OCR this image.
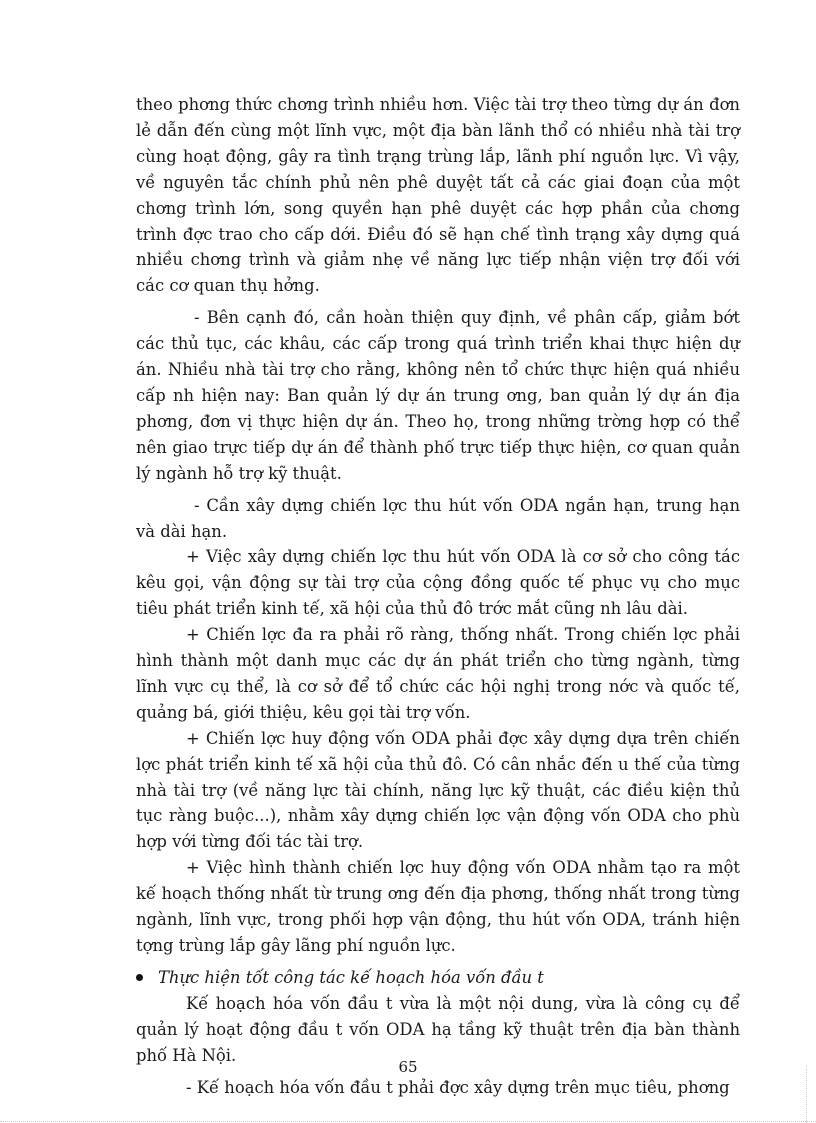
theo phơng thức chơng trình nhiều hơn. Việc tài trợ theo từng dự án đơn lẻ dẫn đến cùng một lĩnh vực, một địa bàn lãnh thổ có nhiều nhà tài trợ cùng hoạt động, gây ra tình trạng trùng lắp, lãnh phí nguồn lực. Vì vậy, về nguyên tắc chính phủ nên phê duyệt tất cả các giai đoạn của một chơng trình lớn, song quyền hạn phê duyệt các hợp phần của chơng trình đợc trao cho cấp dới. Điều đó sẽ hạn chế tình trạng xây dựng quá nhiều chơng trình và giảm nhẹ về năng lực tiếp nhận viện trợ đối với các cơ quan thụ hởng.

- Bên cạnh đó, cần hoàn thiện quy định, về phân cấp, giảm bớt các thủ tục, các khâu, các cấp trong quá trình triển khai thực hiện dự án. Nhiều nhà tài trợ cho rằng, không nên tổ chức thực hiện quá nhiều cấp nh hiện nay: Ban quản lý dự án trung ơng, ban quản lý dự án địa phơng, đơn vị thực hiện dự án. Theo họ, trong những trờng hợp có thể nên giao trực tiếp dự án để thành phố trực tiếp thực hiện, cơ quan quản lý ngành hỗ trợ kỹ thuật.

- Cần xây dựng chiến lợc thu hút vốn ODA ngắn hạn, trung hạn và dài hạn.

+ Việc xây dựng chiến lợc thu hút vốn ODA là cơ sở cho công tác kêu gọi, vận động sự tài trợ của cộng đồng quốc tế phục vụ cho mục tiêu phát triển kinh tế, xã hội của thủ đô trớc mắt cũng nh lâu dài.

+ Chiến lợc đa ra phải rõ ràng, thống nhất. Trong chiến lợc phải hình thành một danh mục các dự án phát triển cho từng ngành, từng lĩnh vực cụ thể, là cơ sở để tổ chức các hội nghị trong nớc và quốc tế, quảng bá, giới thiệu, kêu gọi tài trợ vốn.

+ Chiến lợc huy động vốn ODA phải đợc xây dựng dựa trên chiến lợc phát triển kinh tế xã hội của thủ đô. Có cân nhắc đến u thế của từng nhà tài trợ (về năng lực tài chính, năng lực kỹ thuật, các điều kiện thủ tục ràng buộc...), nhằm xây dựng chiến lợc vận động vốn ODA cho phù hợp với từng đối tác tài trợ.

+ Việc hình thành chiến lợc huy động vốn ODA nhằm tạo ra một kế hoạch thống nhất từ trung ơng đến địa phơng, thống nhất trong từng ngành, lĩnh vực, trong phối hợp vận động, thu hút vốn ODA, tránh hiện tợng trùng lắp gây lãng phí nguồn lực.

Thực hiện tốt công tác kế hoạch hóa vốn đầu t

Kế hoạch hóa vốn đầu t vừa là một nội dung, vừa là công cụ để quản lý hoạt động đầu t vốn ODA hạ tầng kỹ thuật trên địa bàn thành phố Hà Nội.

- Kế hoạch hóa vốn đầu t phải đợc xây dựng trên mục tiêu, phơng

65
